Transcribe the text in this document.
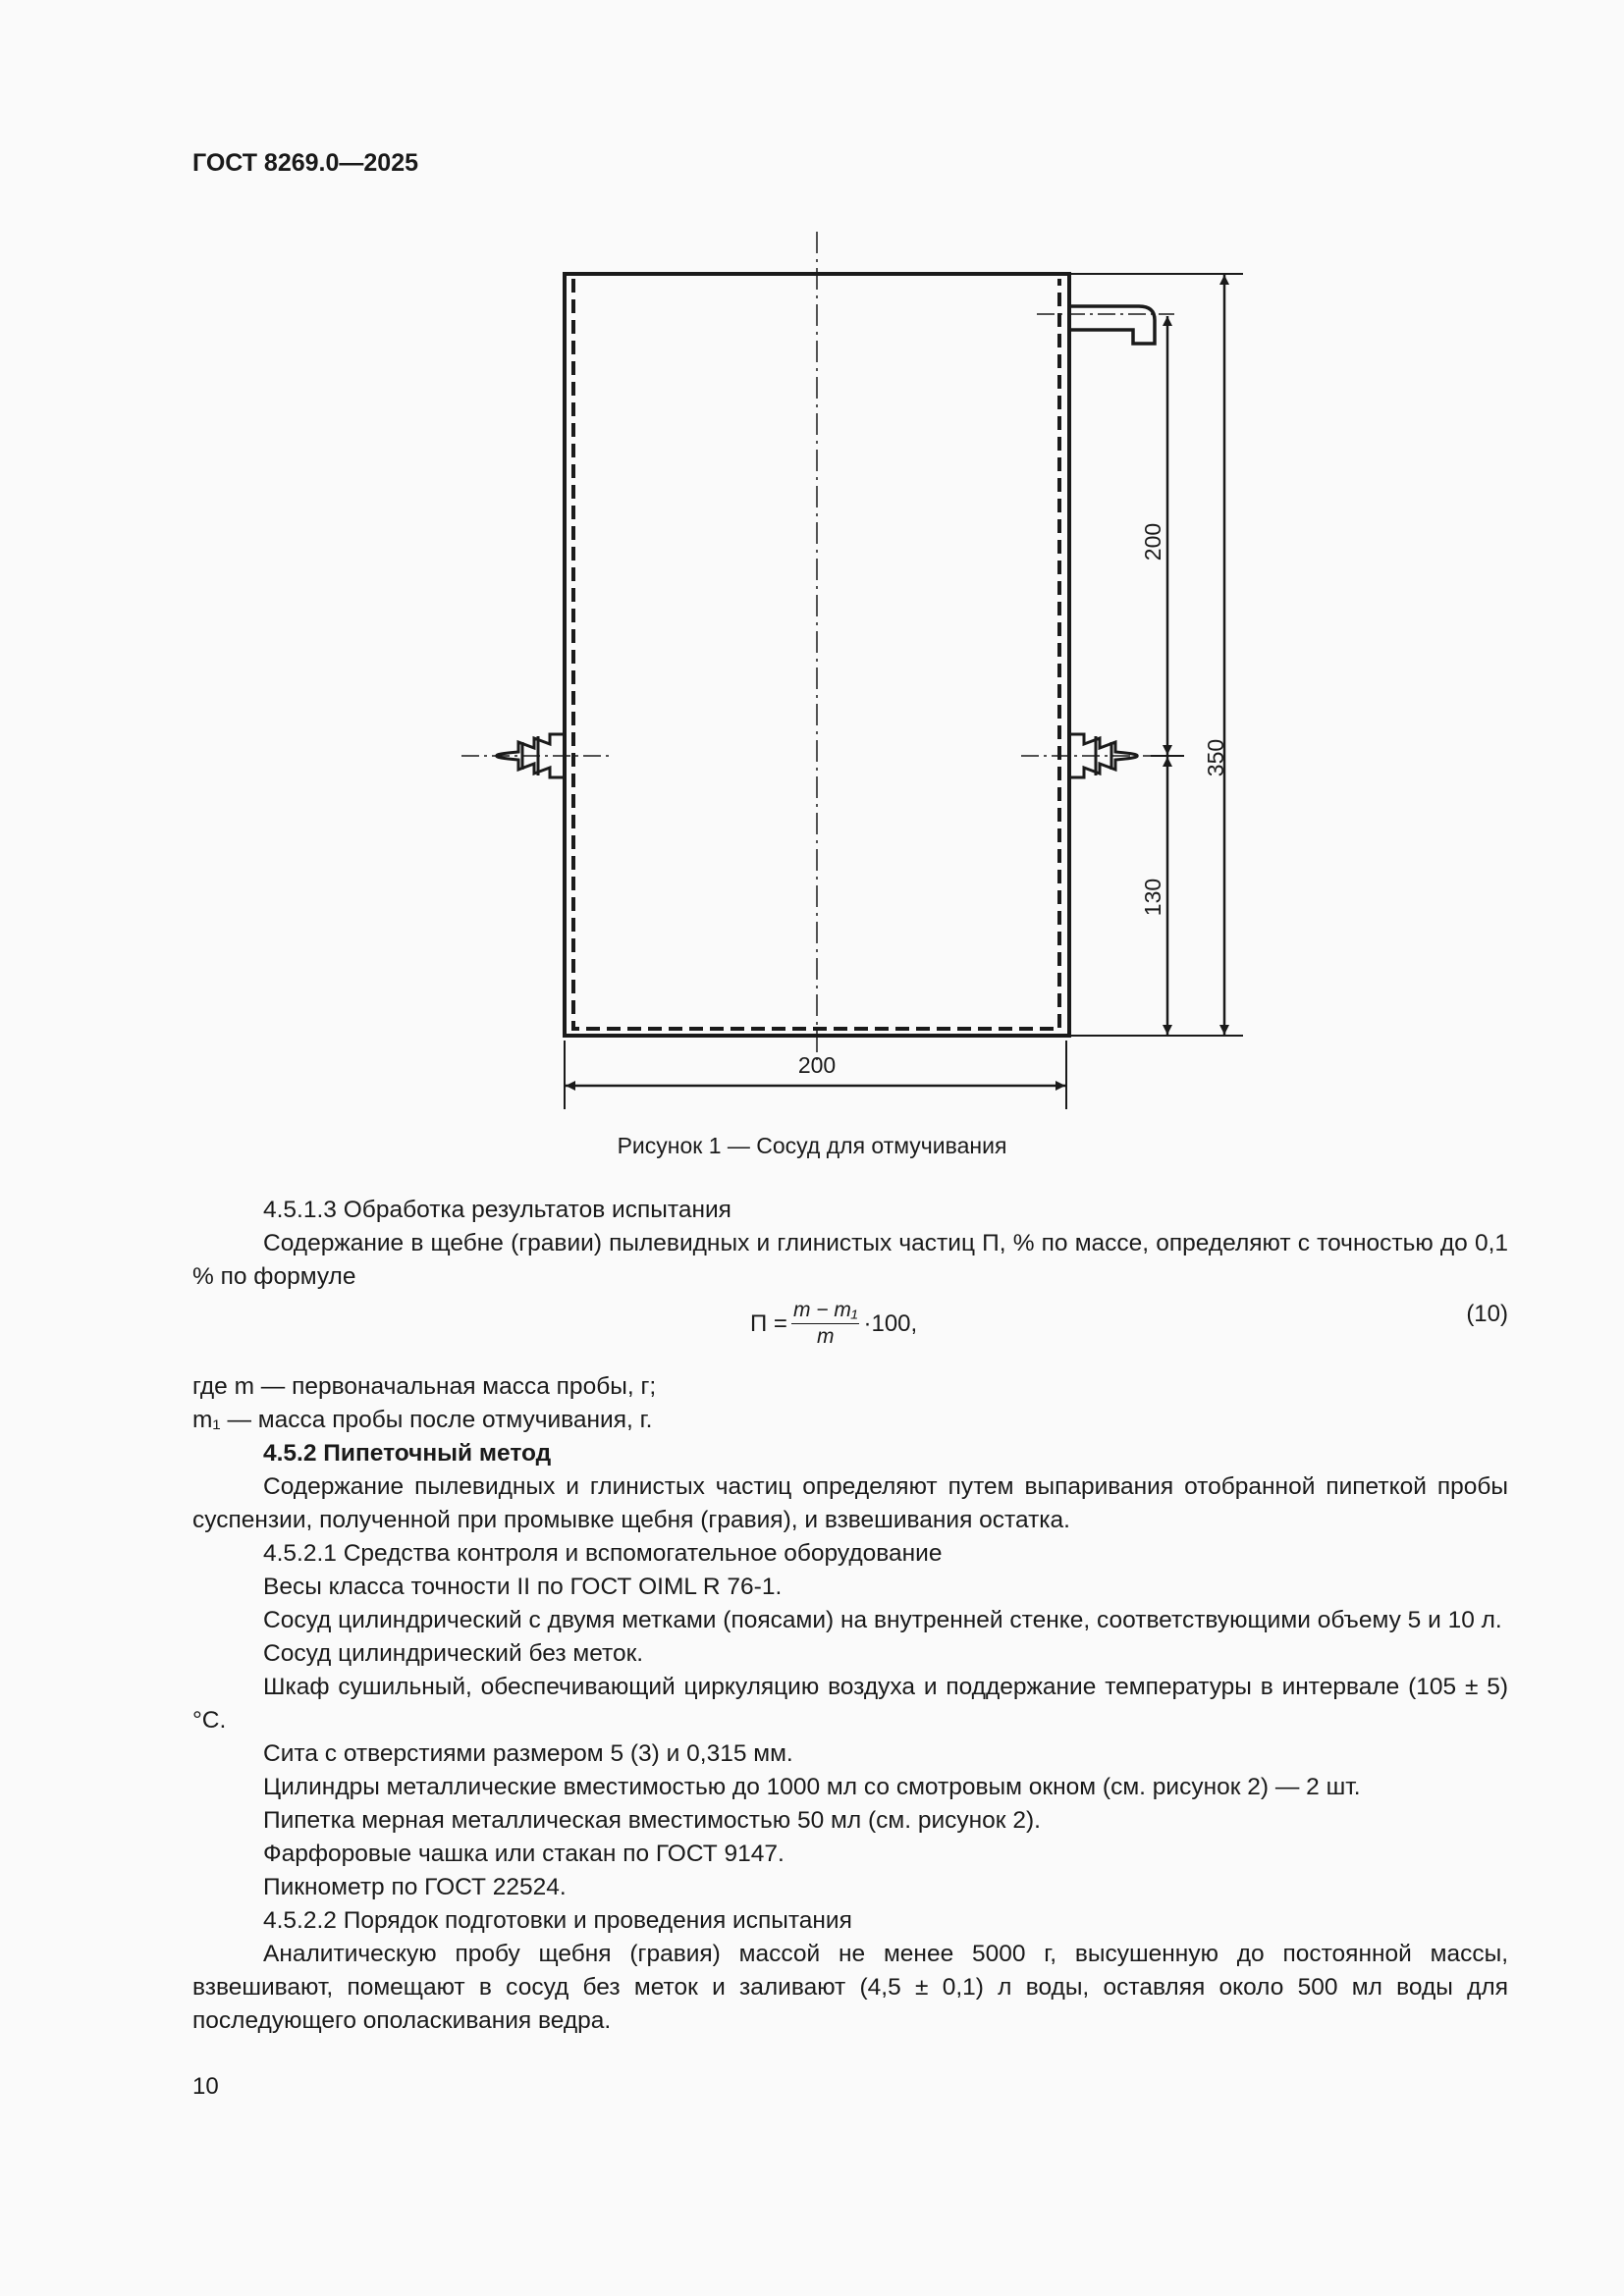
ГОСТ 8269.0—2025
350
200
130
200
Рисунок 1 — Сосуд для отмучивания

4.5.1.3 Обработка результатов испытания

Содержание в щебне (гравии) пылевидных и глинистых частиц П, % по массе, определяют с точностью до 0,1 % по формуле

$П = \frac{\text{m − m₁}}{m} \cdot 100$,	(10)

где m — первоначальная масса пробы, г;

m₁ — масса пробы после отмучивания, г.

4.5.2 Пипеточный метод

Содержание пылевидных и глинистых частиц определяют путем выпаривания отобранной пипеткой пробы суспензии, полученной при промывке щебня (гравия), и взвешивания остатка.

4.5.2.1 Средства контроля и вспомогательное оборудование

Весы класса точности II по ГОСТ OIML R 76-1.

Сосуд цилиндрический с двумя метками (поясами) на внутренней стенке, соответствующими объему 5 и 10 л.

Сосуд цилиндрический без меток.

Шкаф сушильный, обеспечивающий циркуляцию воздуха и поддержание температуры в интервале (105 ± 5) °С.

Сита с отверстиями размером 5 (3) и 0,315 мм.

Цилиндры металлические вместимостью до 1000 мл со смотровым окном (см. рисунок 2) — 2 шт.

Пипетка мерная металлическая вместимостью 50 мл (см. рисунок 2).

Фарфоровые чашка или стакан по ГОСТ 9147.

Пикнометр по ГОСТ 22524.

4.5.2.2 Порядок подготовки и проведения испытания

Аналитическую пробу щебня (гравия) массой не менее 5000 г, высушенную до постоянной массы, взвешивают, помещают в сосуд без меток и заливают (4,5 ± 0,1) л воды, оставляя около 500 мл воды для последующего ополаскивания ведра.

10
